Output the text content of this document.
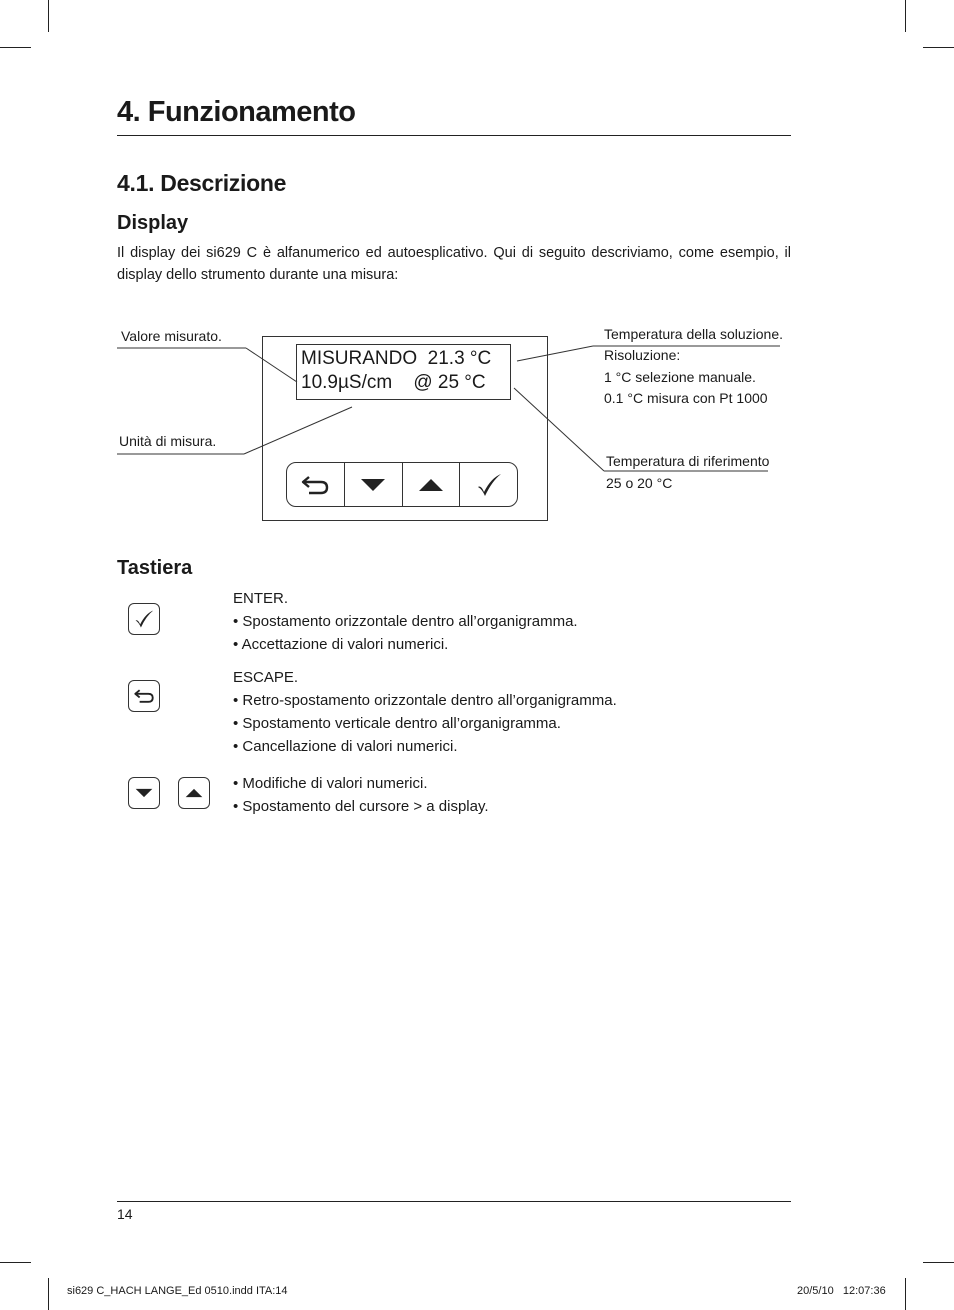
4. Funzionamento
4.1. Descrizione
Display

Il display dei si629 C è alfanumerico ed autoesplicativo. Qui di seguito descriviamo, come esempio, il display dello strumento durante una misura:

Valore misurato.
Unità di misura.
Temperatura della soluzione.
Risoluzione:
1 °C selezione manuale.
0.1 °C misura con Pt 1000
Temperatura di riferimento
25 o 20 °C
MISURANDO  21.3 °C
10.9µS/cm    @ 25 °C
Tastiera
ENTER.
• Spostamento orizzontale dentro all’organigramma.
• Accettazione di valori numerici.
ESCAPE.
• Retro-spostamento orizzontale dentro all’organigramma.
• Spostamento verticale dentro all’organigramma.
• Cancellazione di valori numerici.
• Modifiche di valori numerici.
• Spostamento del cursore > a display.
14
si629 C_HACH LANGE_Ed 0510.indd ITA:14	20/5/10   12:07:36
